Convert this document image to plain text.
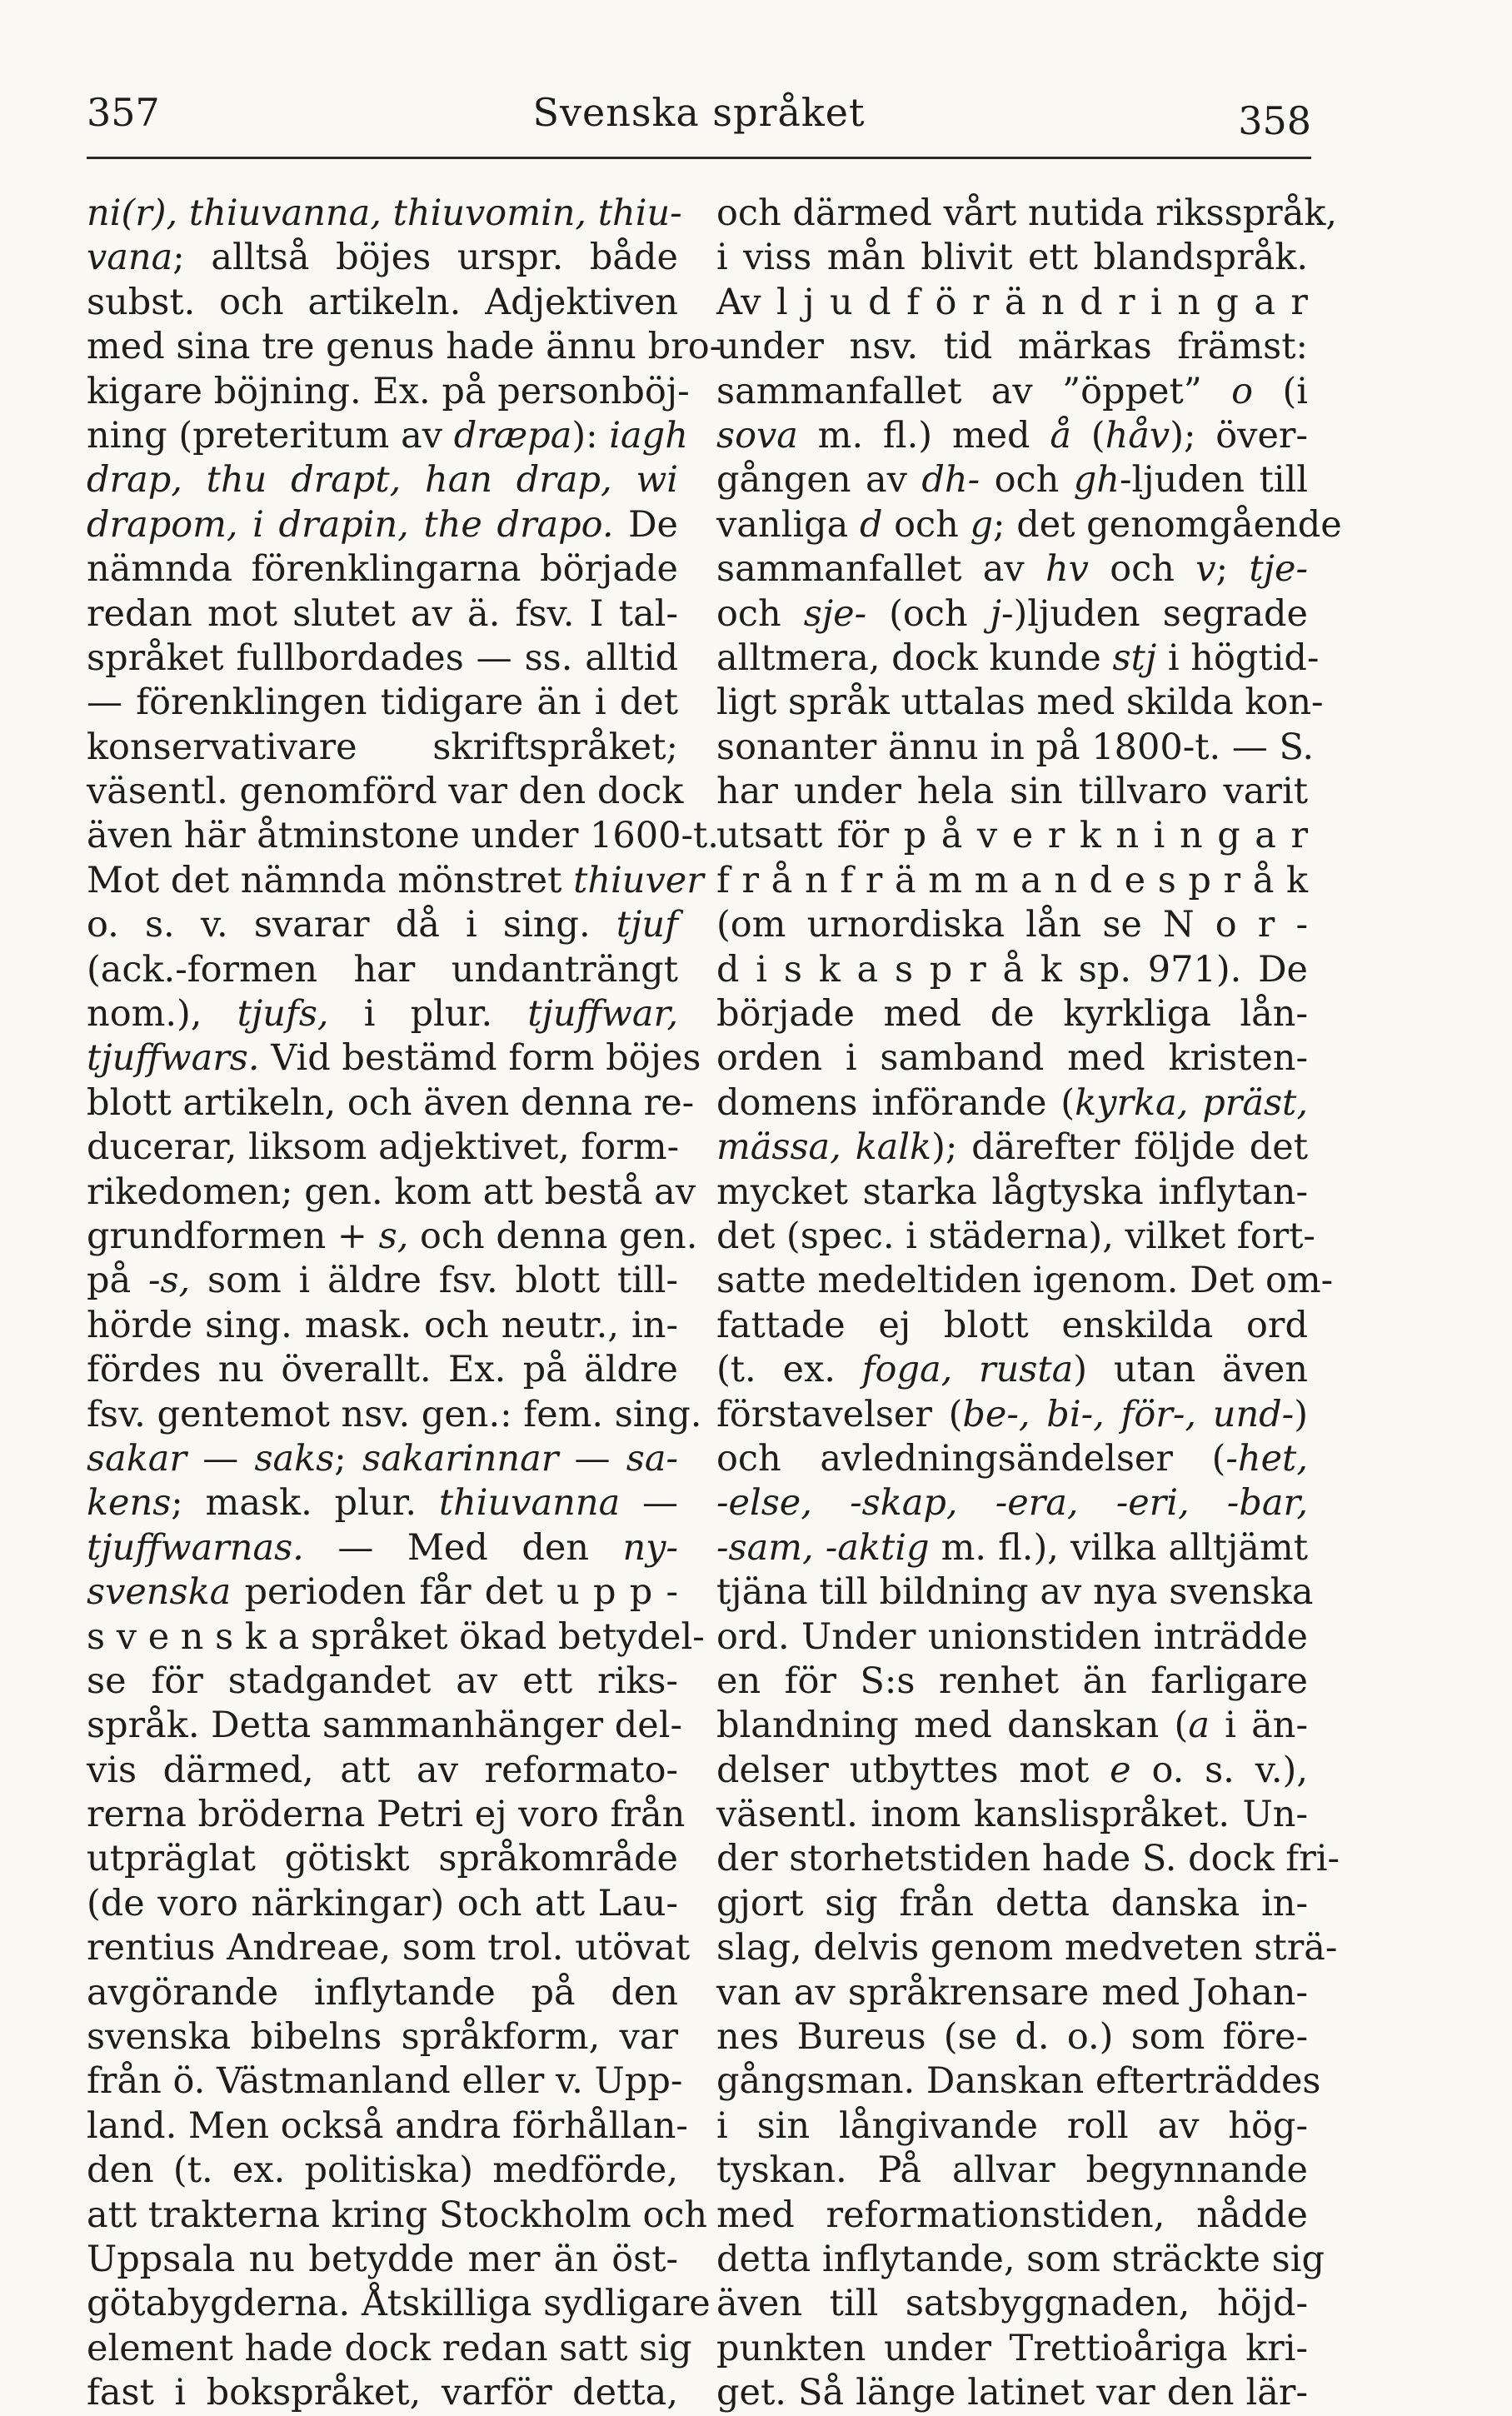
357	Svenska språket	358
ni(r), thiuvanna, thiuvomin, thiu-
vana; alltså böjes urspr. både
subst. och artikeln. Adjektiven
med sina tre genus hade ännu bro-
kigare böjning. Ex. på personböj-
ning (preteritum av dræpa): iagh
drap, thu drapt, han drap, wi
drapom, i drapin, the drapo. De
nämnda förenklingarna började
redan mot slutet av ä. fsv. I tal-
språket fullbordades — ss. alltid
— förenklingen tidigare än i det
konservativare skriftspråket;
väsentl. genomförd var den dock
även här åtminstone under 1600-t.
Mot det nämnda mönstret thiuver
o. s. v. svarar då i sing. tjuf
(ack.-formen har undanträngt
nom.), tjufs, i plur. tjuffwar,
tjuffwars. Vid bestämd form böjes
blott artikeln, och även denna re-
ducerar, liksom adjektivet, form-
rikedomen; gen. kom att bestå av
grundformen + s, och denna gen.
på -s, som i äldre fsv. blott till-
hörde sing. mask. och neutr., in-
fördes nu överallt. Ex. på äldre
fsv. gentemot nsv. gen.: fem. sing.
sakar — saks; sakarinnar — sa-
kens; mask. plur. thiuvanna —
tjuffwarnas. — Med den ny-
svenska perioden får det u p p -
s v e n s k a språket ökad betydel-
se för stadgandet av ett riks-
språk. Detta sammanhänger del-
vis därmed, att av reformato-
rerna bröderna Petri ej voro från
utpräglat götiskt språkområde
(de voro närkingar) och att Lau-
rentius Andreae, som trol. utövat
avgörande inflytande på den
svenska bibelns språkform, var
från ö. Västmanland eller v. Upp-
land. Men också andra förhållan-
den (t. ex. politiska) medförde,
att trakterna kring Stockholm och
Uppsala nu betydde mer än öst-
götabygderna. Åtskilliga sydligare
element hade dock redan satt sig
fast i bokspråket, varför detta,
och därmed vårt nutida riksspråk,
i viss mån blivit ett blandspråk.
Av l j u d f ö r ä n d r i n g a r
under nsv. tid märkas främst:
sammanfallet av ”öppet” o (i
sova m. fl.) med å (håv); över-
gången av dh- och gh-ljuden till
vanliga d och g; det genomgående
sammanfallet av hv och v; tje-
och sje- (och j-)ljuden segrade
alltmera, dock kunde stj i högtid-
ligt språk uttalas med skilda kon-
sonanter ännu in på 1800-t. — S.
har under hela sin tillvaro varit
utsatt för p å v e r k n i n g a r
f r å n f r ä m m a n d e s p r å k
(om urnordiska lån se N o r -
d i s k a s p r å k sp. 971). De
började med de kyrkliga lån-
orden i samband med kristen-
domens införande (kyrka, präst,
mässa, kalk); därefter följde det
mycket starka lågtyska inflytan-
det (spec. i städerna), vilket fort-
satte medeltiden igenom. Det om-
fattade ej blott enskilda ord
(t. ex. foga, rusta) utan även
förstavelser (be-, bi-, för-, und-)
och avledningsändelser (-het,
-else, -skap, -era, -eri, -bar,
-sam, -aktig m. fl.), vilka alltjämt
tjäna till bildning av nya svenska
ord. Under unionstiden inträdde
en för S:s renhet än farligare
blandning med danskan (a i än-
delser utbyttes mot e o. s. v.),
väsentl. inom kanslispråket. Un-
der storhetstiden hade S. dock fri-
gjort sig från detta danska in-
slag, delvis genom medveten strä-
van av språkrensare med Johan-
nes Bureus (se d. o.) som före-
gångsman. Danskan efterträddes
i sin långivande roll av hög-
tyskan. På allvar begynnande
med reformationstiden, nådde
detta inflytande, som sträckte sig
även till satsbyggnaden, höjd-
punkten under Trettioåriga kri-
get. Så länge latinet var den lär-
